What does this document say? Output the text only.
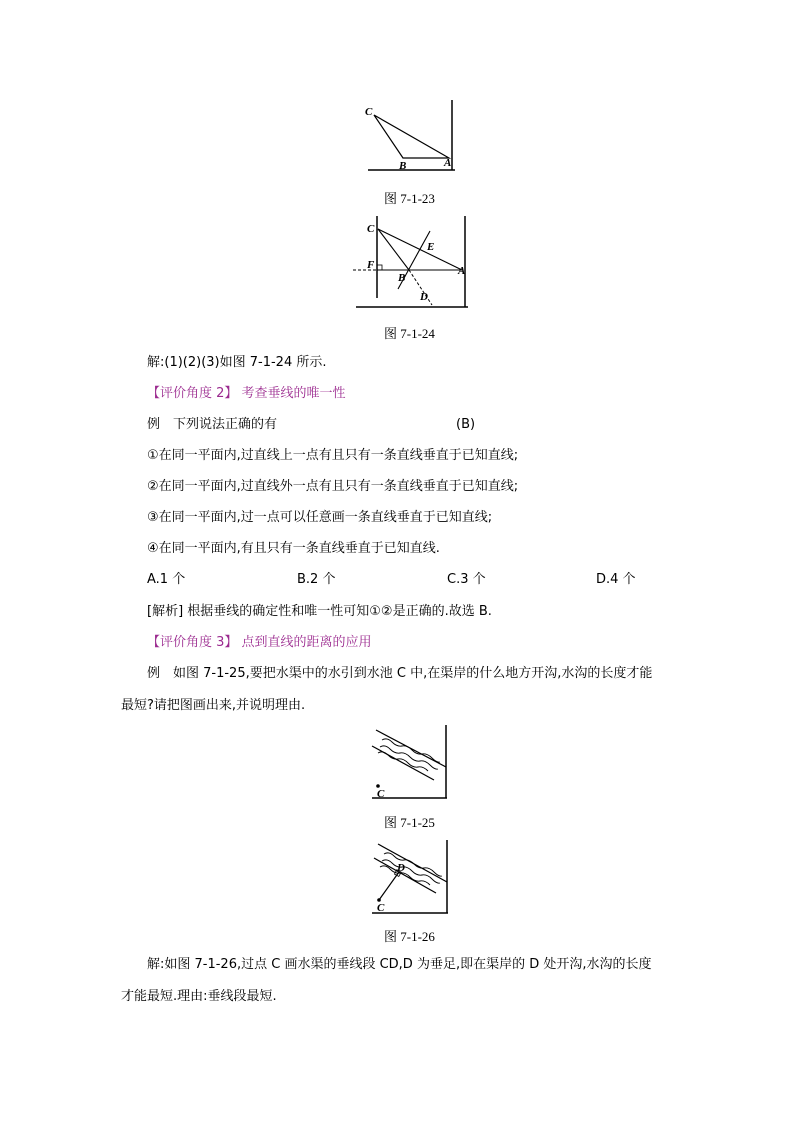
C
B	A
图 7-1-23
C
E
F
B
A
D
图 7-1-24
解:(1)(2)(3)如图 7-1-24 所示.
【评价角度 2】 考查垂线的唯一性
例　下列说法正确的有	(B)
①在同一平面内,过直线上一点有且只有一条直线垂直于已知直线;
②在同一平面内,过直线外一点有且只有一条直线垂直于已知直线;
③在同一平面内,过一点可以任意画一条直线垂直于已知直线;
④在同一平面内,有且只有一条直线垂直于已知直线.
A.1 个	B.2 个	C.3 个	D.4 个
[解析] 根据垂线的确定性和唯一性可知①②是正确的.故选 B.
【评价角度 3】 点到直线的距离的应用
例　如图 7-1-25,要把水渠中的水引到水池 C 中,在渠岸的什么地方开沟,水沟的长度才能
最短?请把图画出来,并说明理由.
C
图 7-1-25
D
C
图 7-1-26
解:如图 7-1-26,过点 C 画水渠的垂线段 CD,D 为垂足,即在渠岸的 D 处开沟,水沟的长度
才能最短.理由:垂线段最短.
